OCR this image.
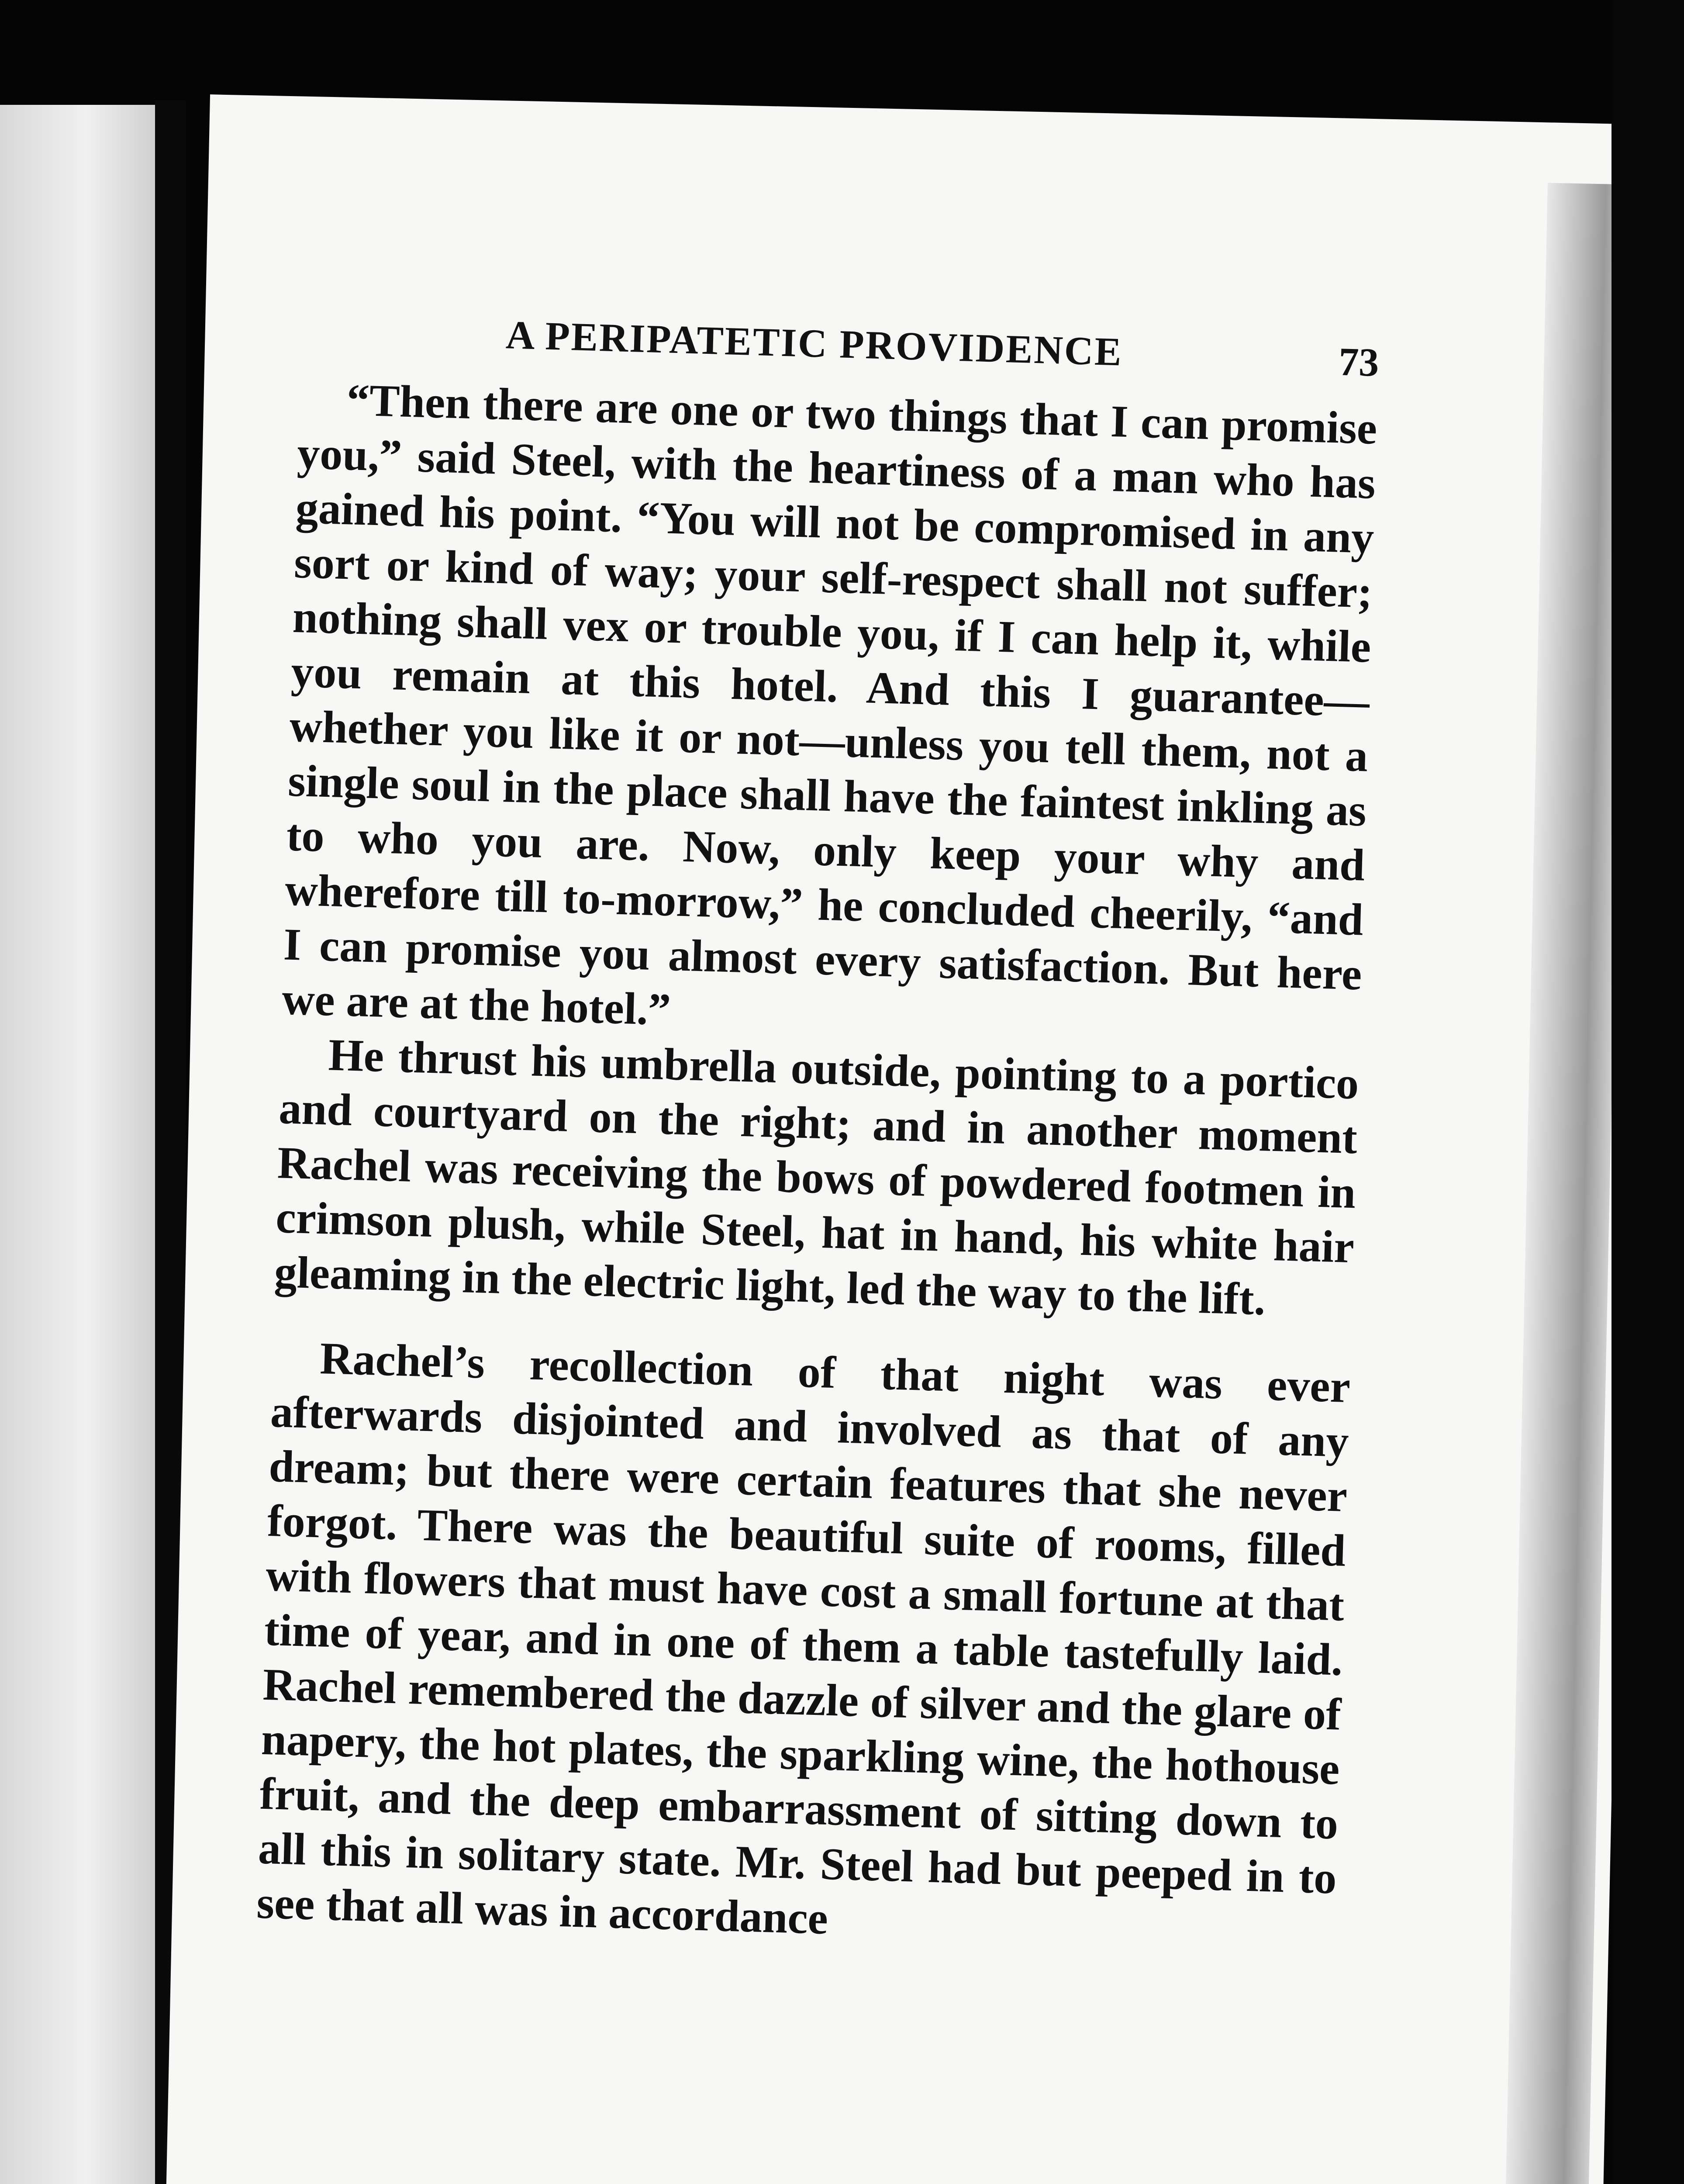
A PERIPATETIC PROVIDENCE	73

“Then there are one or two things that I can promise you,” said Steel, with the heartiness of a man who has gained his point. “You will not be compromised in any sort or kind of way; your self-respect shall not suffer; nothing shall vex or trouble you, if I can help it, while you remain at this hotel. And this I guarantee—whether you like it or not—unless you tell them, not a single soul in the place shall have the faintest inkling as to who you are. Now, only keep your why and wherefore till to-morrow,” he concluded cheerily, “and I can promise you almost every satisfaction. But here we are at the hotel.”

He thrust his umbrella outside, pointing to a portico and courtyard on the right; and in another moment Rachel was receiving the bows of powdered footmen in crimson plush, while Steel, hat in hand, his white hair gleaming in the electric light, led the way to the lift.

Rachel’s recollection of that night was ever afterwards disjointed and involved as that of any dream; but there were certain features that she never forgot. There was the beautiful suite of rooms, filled with flowers that must have cost a small fortune at that time of year, and in one of them a table tastefully laid. Rachel remembered the dazzle of silver and the glare of napery, the hot plates, the sparkling wine, the hothouse fruit, and the deep embarrassment of sitting down to all this in solitary state. Mr. Steel had but peeped in to see that all was in accordance
